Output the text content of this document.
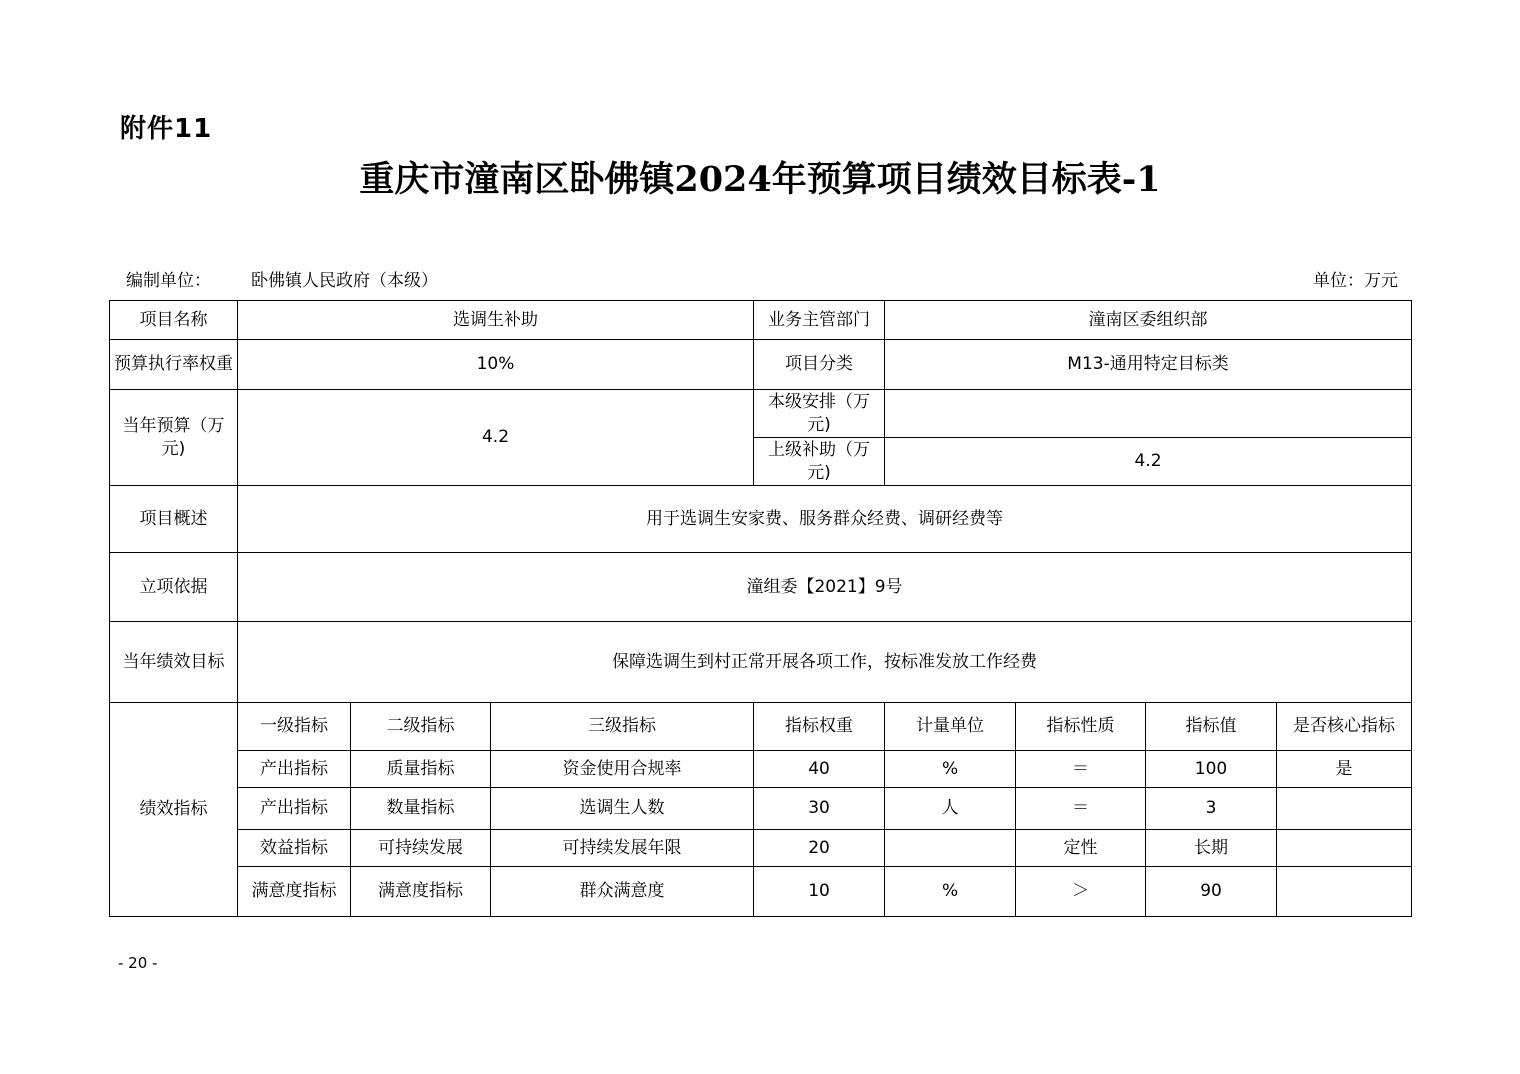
附件11
重庆市潼南区卧佛镇2024年预算项目绩效目标表-1
编制单位： 卧佛镇人民政府（本级）	单位：万元
项目名称	选调生补助			业务主管部门	潼南区委组织部			
预算执行率权重	10%			项目分类	M13-通用特定目标类			
当年预算（万元)	4.2			本级安排（万元)				
				上级补助（万元)	4.2			
项目概述	用于选调生安家费、服务群众经费、调研经费等							
立项依据	潼组委【2021】9号							
当年绩效目标	保障选调生到村正常开展各项工作，按标准发放工作经费							
绩效指标	一级指标	二级指标	三级指标	指标权重	计量单位	指标性质	指标值	是否核心指标
	产出指标	质量指标	资金使用合规率	40	%	＝	100	是
	产出指标	数量指标	选调生人数	30	人	＝	3	
	效益指标	可持续发展	可持续发展年限	20		定性	长期	
	满意度指标	满意度指标	群众满意度	10	%	＞	90	
- 20 -
